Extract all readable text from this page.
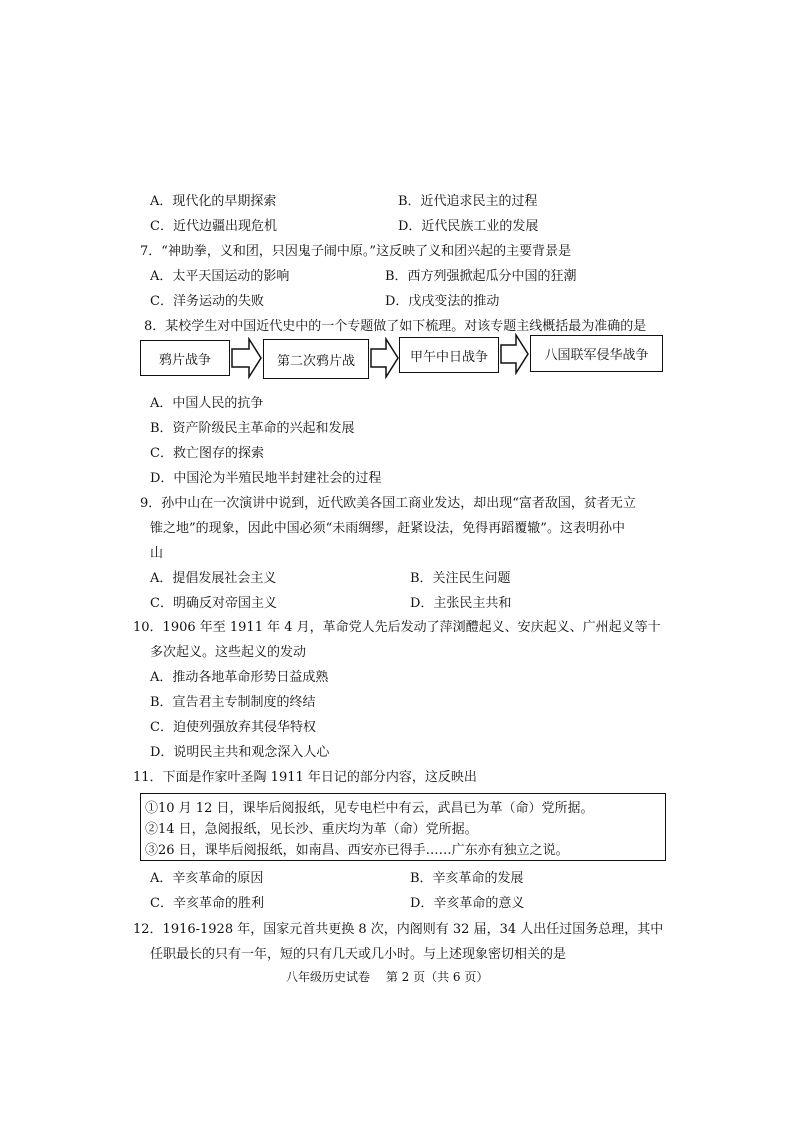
A．现代化的早期探索	B．近代追求民主的过程
C．近代边疆出现危机	D．近代民族工业的发展
7．“神助拳，义和团，只因鬼子闹中原。”这反映了义和团兴起的主要背景是
A．太平天国运动的影响	B．西方列强掀起瓜分中国的狂潮
C．洋务运动的失败	D．戊戌变法的推动
8．某校学生对中国近代史中的一个专题做了如下梳理。对该专题主线概括最为准确的是
鸦片战争	第二次鸦片战	甲午中日战争	八国联军侵华战争
A．中国人民的抗争
B．资产阶级民主革命的兴起和发展
C．救亡图存的探索
D．中国沦为半殖民地半封建社会的过程
9．孙中山在一次演讲中说到，近代欧美各国工商业发达，却出现“富者敌国，贫者无立
锥之地”的现象，因此中国必须“未雨绸缪，赶紧设法，免得再蹈覆辙”。这表明孙中
山
A．提倡发展社会主义	B．关注民生问题
C．明确反对帝国主义	D．主张民主共和
10．1906 年至 1911 年 4 月，革命党人先后发动了萍浏醴起义、安庆起义、广州起义等十
多次起义。这些起义的发动
A．推动各地革命形势日益成熟
B．宣告君主专制制度的终结
C．迫使列强放弃其侵华特权
D．说明民主共和观念深入人心
11．下面是作家叶圣陶 1911 年日记的部分内容，这反映出
①10 月 12 日，课毕后阅报纸，见专电栏中有云，武昌已为革（命）党所据。
②14 日，急阅报纸，见长沙、重庆均为革（命）党所据。
③26 日，课毕后阅报纸，如南昌、西安亦已得手……广东亦有独立之说。
A．辛亥革命的原因	B．辛亥革命的发展
C．辛亥革命的胜利	D．辛亥革命的意义
12．1916-1928 年，国家元首共更换 8 次，内阁则有 32 届，34 人出任过国务总理，其中
任职最长的只有一年，短的只有几天或几小时。与上述现象密切相关的是
八年级历史试卷　 第 2 页（共 6 页）
